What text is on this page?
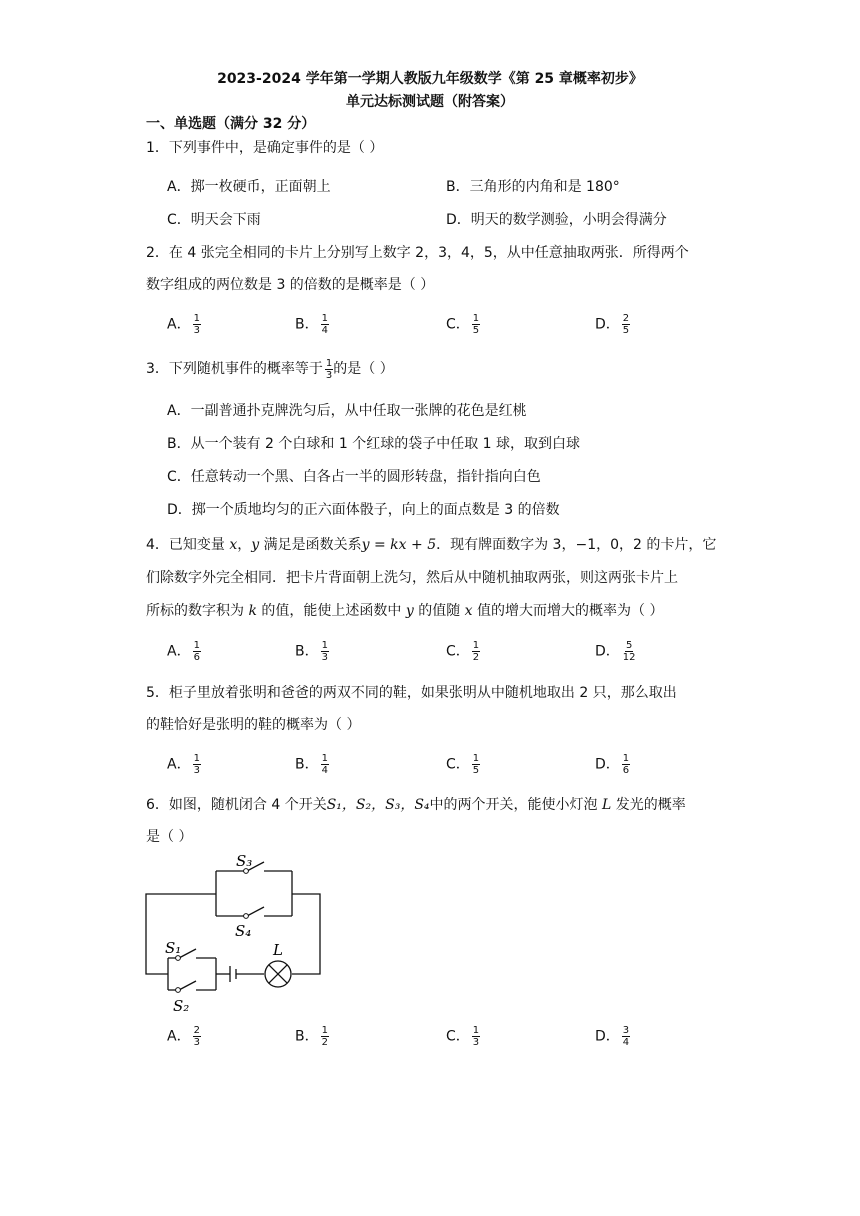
2023-2024 学年第一学期人教版九年级数学《第 25 章概率初步》
单元达标测试题（附答案）
一、单选题（满分 32 分）
1．下列事件中，是确定事件的是（ ）
A．掷一枚硬币，正面朝上	B．三角形的内角和是 180°
C．明天会下雨	D．明天的数学测验，小明会得满分
2．在 4 张完全相同的卡片上分别写上数字 2，3，4，5，从中任意抽取两张．所得两个
数字组成的两位数是 3 的倍数的是概率是（ ）
A． $\frac{1}{3}$	B． $\frac{1}{4}$	C． $\frac{1}{5}$	D． $\frac{2}{5}$
3．下列随机事件的概率等于 $\frac{1}{3}$ 的是（ ）
A．一副普通扑克牌洗匀后，从中任取一张牌的花色是红桃
B．从一个装有 2 个白球和 1 个红球的袋子中任取 1 球，取到白球
C．任意转动一个黑、白各占一半的圆形转盘，指针指向白色
D．掷一个质地均匀的正六面体骰子，向上的面点数是 3 的倍数
4．已知变量 x，y 满足是函数关系y = kx + 5．现有牌面数字为 3，−1，0，2 的卡片，它
们除数字外完全相同．把卡片背面朝上洗匀，然后从中随机抽取两张，则这两张卡片上
所标的数字积为 k 的值，能使上述函数中 y 的值随 x 值的增大而增大的概率为（ ）
A． $\frac{1}{6}$	B． $\frac{1}{3}$	C． $\frac{1}{2}$	D． $\frac{5}{12}$
5．柜子里放着张明和爸爸的两双不同的鞋，如果张明从中随机地取出 2 只，那么取出
的鞋恰好是张明的鞋的概率为（ ）
A． $\frac{1}{3}$	B． $\frac{1}{4}$	C． $\frac{1}{5}$	D． $\frac{1}{6}$
6．如图，随机闭合 4 个开关S₁，S₂，S₃，S₄中的两个开关，能使小灯泡 L 发光的概率
是（ ）
S₃
S₄
S₁
S₂
L
A． $\frac{2}{3}$	B． $\frac{1}{2}$	C． $\frac{1}{3}$	D． $\frac{3}{4}$
